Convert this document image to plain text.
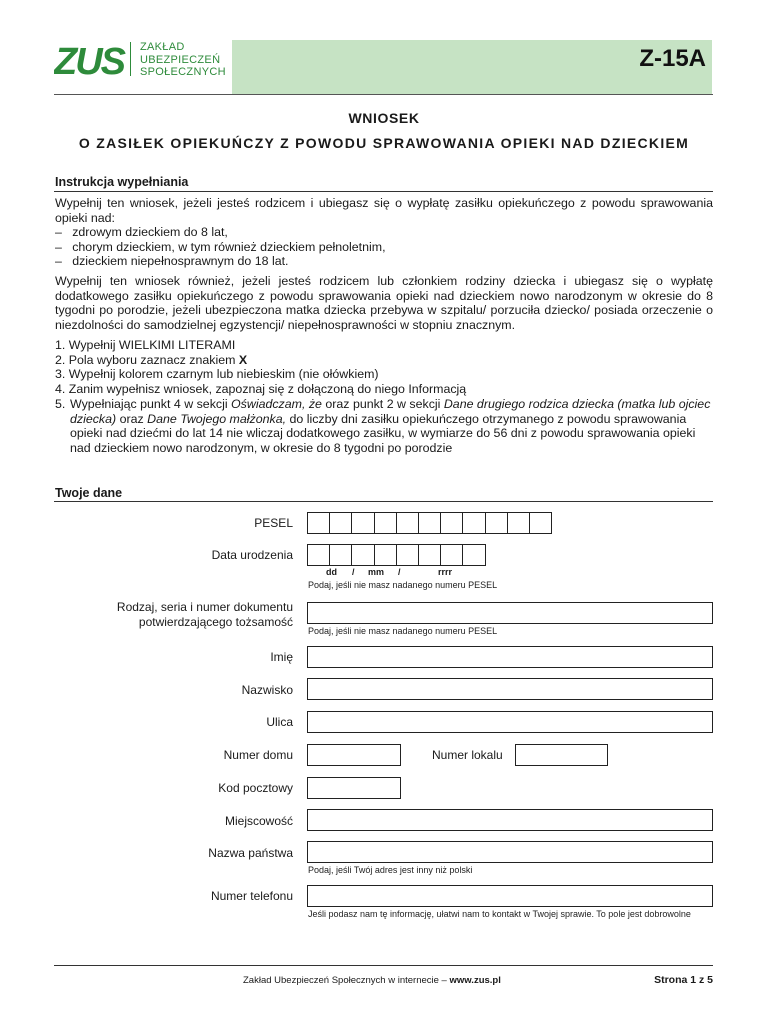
ZUS ZAKŁAD
UBEZPIECZEŃ
SPOŁECZNYCH	Z-15A
WNIOSEK
O ZASIŁEK OPIEKUŃCZY Z POWODU SPRAWOWANIA OPIEKI NAD DZIECKIEM
Instrukcja wypełniania
Wypełnij ten wniosek, jeżeli jesteś rodzicem i ubiegasz się o wypłatę zasiłku opiekuńczego z powodu sprawowania opieki nad:
–   zdrowym dzieckiem do 8 lat,
–   chorym dzieckiem, w tym również dzieckiem pełnoletnim,
–   dzieckiem niepełnosprawnym do 18 lat.
Wypełnij ten wniosek również, jeżeli jesteś rodzicem lub członkiem rodziny dziecka i ubiegasz się o wypłatę dodatkowego zasiłku opiekuńczego z powodu sprawowania opieki nad dzieckiem nowo narodzonym w okresie do 8 tygodni po porodzie, jeżeli ubezpieczona matka dziecka przebywa w szpitalu/ porzuciła dziecko/ posiada orzeczenie o niezdolności do samodzielnej egzystencji/ niepełnosprawności w stopniu znacznym.
1. Wypełnij WIELKIMI LITERAMI
2. Pola wyboru zaznacz znakiem X
3. Wypełnij kolorem czarnym lub niebieskim (nie ołówkiem)
4. Zanim wypełnisz wniosek, zapoznaj się z dołączoną do niego Informacją
5. Wypełniając punkt 4 w sekcji Oświadczam, że oraz punkt 2 w sekcji Dane drugiego rodzica dziecka (matka lub ojciec dziecka) oraz Dane Twojego małżonka, do liczby dni zasiłku opiekuńczego otrzymanego z powodu sprawowania opieki nad dziećmi do lat 14 nie wliczaj dodatkowego zasiłku, w wymiarze do 56 dni z powodu sprawowania opieki nad dzieckiem nowo narodzonym, w okresie do 8 tygodni po porodzie
Twoje dane
PESEL
Data urodzenia
dd / mm /	rrrr
Podaj, jeśli nie masz nadanego numeru PESEL
Rodzaj, seria i numer dokumentu
potwierdzającego tożsamość
Podaj, jeśli nie masz nadanego numeru PESEL
Imię
Nazwisko
Ulica
Numer domu	Numer lokalu
Kod pocztowy
Miejscowość
Nazwa państwa
Podaj, jeśli Twój adres jest inny niż polski
Numer telefonu
Jeśli podasz nam tę informację, ułatwi nam to kontakt w Twojej sprawie. To pole jest dobrowolne
Zakład Ubezpieczeń Społecznych w internecie – www.zus.pl	Strona 1 z 5
